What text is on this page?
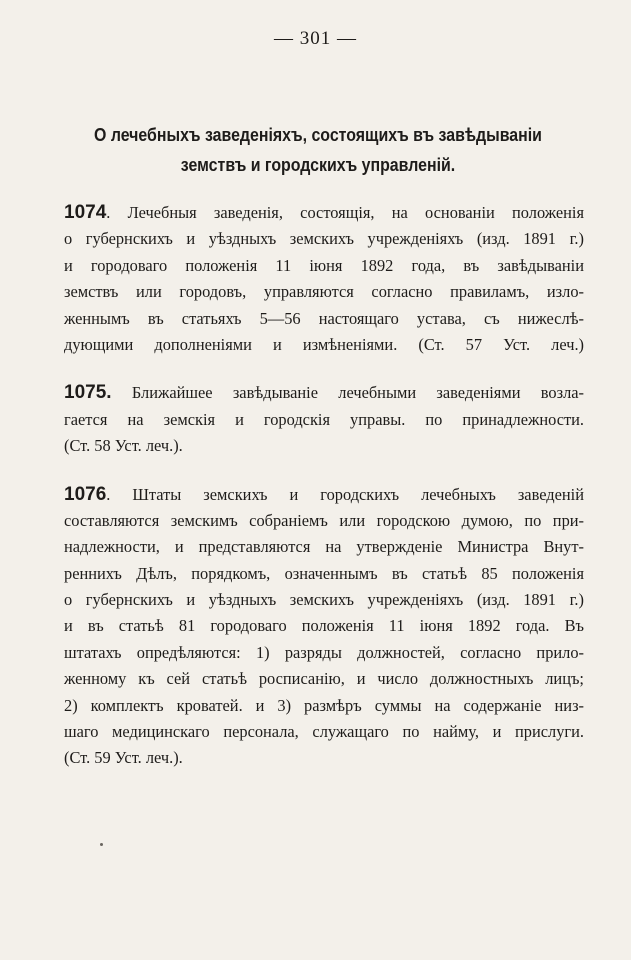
— 301 —
О лечебныхъ заведеніяхъ, состоящихъ въ завѣдываніи
земствъ и городскихъ управленій.
1074. Лечебныя заведенія, состоящія, на основаніи положенія
о губернскихъ и уѣздныхъ земскихъ учрежденіяхъ (изд. 1891 г.)
и городоваго положенія 11 іюня 1892 года, въ завѣдываніи
земствъ или городовъ, управляются согласно правиламъ, изло-
женнымъ въ статьяхъ 5—56 настоящаго устава, съ нижеслѣ-
дующими дополненіями и измѣненіями. (Ст. 57 Уст. леч.)
1075. Ближайшее завѣдываніе лечебными заведеніями возла-
гается на земскія и городскія управы. по принадлежности.
(Ст. 58 Уст. леч.).
1076. Штаты земскихъ и городскихъ лечебныхъ заведеній
составляются земскимъ собраніемъ или городскою думою, по при-
надлежности, и представляются на утвержденіе Министра Внут-
реннихъ Дѣлъ, порядкомъ, означеннымъ въ статьѣ 85 положенія
о губернскихъ и уѣздныхъ земскихъ учрежденіяхъ (изд. 1891 г.)
и въ статьѣ 81 городоваго положенія 11 іюня 1892 года. Въ
штатахъ опредѣляются: 1) разряды должностей, согласно прило-
женному къ сей статьѣ росписанію, и число должностныхъ лицъ;
2) комплектъ кроватей. и 3) размѣръ суммы на содержаніе низ-
шаго медицинскаго персонала, служащаго по найму, и прислуги.
(Ст. 59 Уст. леч.).
